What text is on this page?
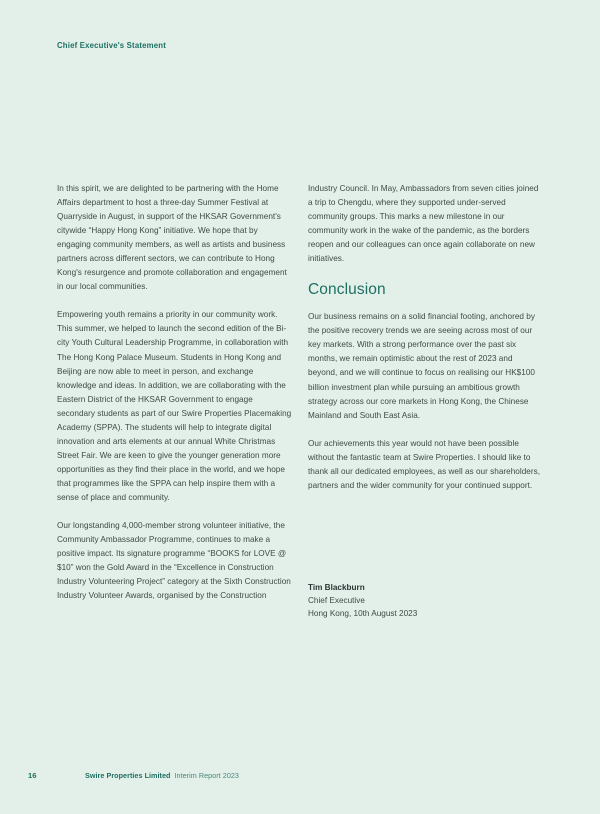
Chief Executive's Statement

In this spirit, we are delighted to be partnering with the Home Affairs department to host a three-day Summer Festival at Quarryside in August, in support of the HKSAR Government's citywide “Happy Hong Kong” initiative. We hope that by engaging community members, as well as artists and business partners across different sectors, we can contribute to Hong Kong's resurgence and promote collaboration and engagement in our local communities.

Empowering youth remains a priority in our community work. This summer, we helped to launch the second edition of the Bi-city Youth Cultural Leadership Programme, in collaboration with The Hong Kong Palace Museum. Students in Hong Kong and Beijing are now able to meet in person, and exchange knowledge and ideas. In addition, we are collaborating with the Eastern District of the HKSAR Government to engage secondary students as part of our Swire Properties Placemaking Academy (SPPA). The students will help to integrate digital innovation and arts elements at our annual White Christmas Street Fair. We are keen to give the younger generation more opportunities as they find their place in the world, and we hope that programmes like the SPPA can help inspire them with a sense of place and community.

Our longstanding 4,000-member strong volunteer initiative, the Community Ambassador Programme, continues to make a positive impact. Its signature programme “BOOKS for LOVE @ $10” won the Gold Award in the “Excellence in Construction Industry Volunteering Project” category at the Sixth Construction Industry Volunteer Awards, organised by the Construction

Industry Council. In May, Ambassadors from seven cities joined a trip to Chengdu, where they supported under-served community groups. This marks a new milestone in our community work in the wake of the pandemic, as the borders reopen and our colleagues can once again collaborate on new initiatives.

Conclusion

Our business remains on a solid financial footing, anchored by the positive recovery trends we are seeing across most of our key markets. With a strong performance over the past six months, we remain optimistic about the rest of 2023 and beyond, and we will continue to focus on realising our HK$100 billion investment plan while pursuing an ambitious growth strategy across our core markets in Hong Kong, the Chinese Mainland and South East Asia.

Our achievements this year would not have been possible without the fantastic team at Swire Properties. I should like to thank all our dedicated employees, as well as our shareholders, partners and the wider community for your continued support.

Tim Blackburn
Chief Executive
Hong Kong, 10th August 2023
16	Swire Properties Limited Interim Report 2023
